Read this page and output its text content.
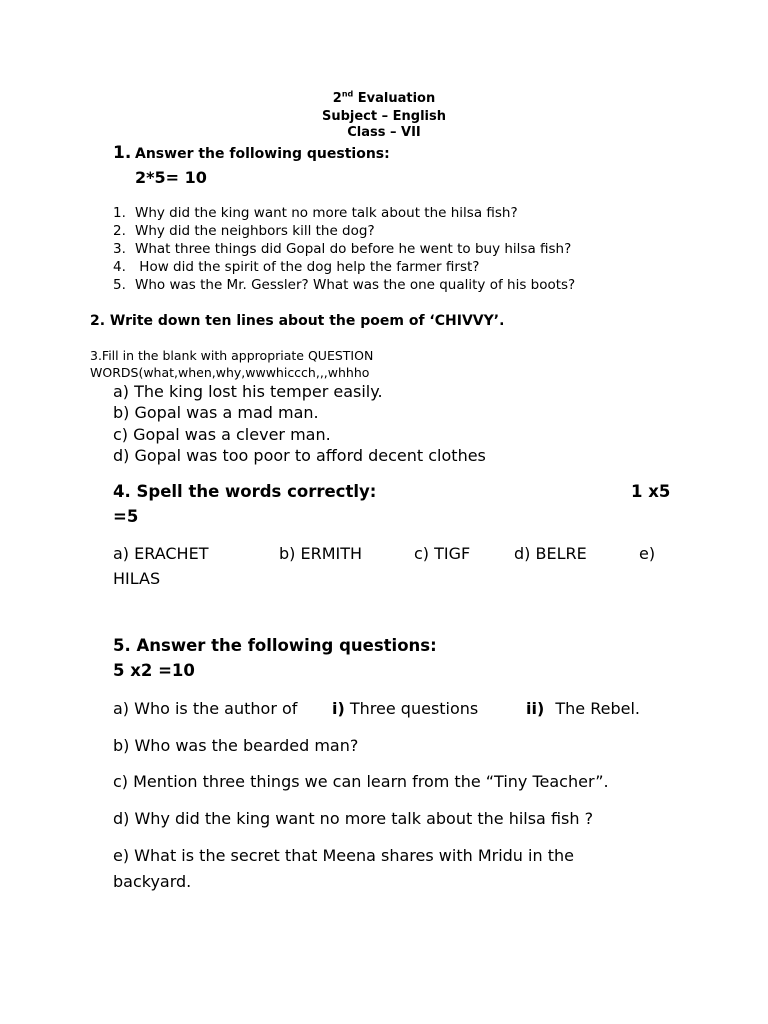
2nd Evaluation
Subject – English
Class – VII
1. Answer the following questions:
2*5= 10
1. Why did the king want no more talk about the hilsa fish?
2. Why did the neighbors kill the dog?
3. What three things did Gopal do before he went to buy hilsa fish?
4. How did the spirit of the dog help the farmer first?
5. Who was the Mr. Gessler? What was the one quality of his boots?
2. Write down ten lines about the poem of ‘CHIVVY’.
3.Fill in the blank with appropriate QUESTION
WORDS(what,when,why,wwwhiccch,,,whhho
a) The king lost his temper easily.
b) Gopal was a mad man.
c) Gopal was a clever man.
d) Gopal was too poor to afford decent clothes
4. Spell the words correctly:	1 x5
=5
a) ERACHET	b) ERMITH	c) TIGF	d) BELRE	e)
HILAS
5. Answer the following questions:
5 x2 =10
a) Who is the author of i) Three questions	ii) The Rebel.
b) Who was the bearded man?
c) Mention three things we can learn from the “Tiny Teacher”.
d) Why did the king want no more talk about the hilsa fish ?
e) What is the secret that Meena shares with Mridu in the
backyard.
